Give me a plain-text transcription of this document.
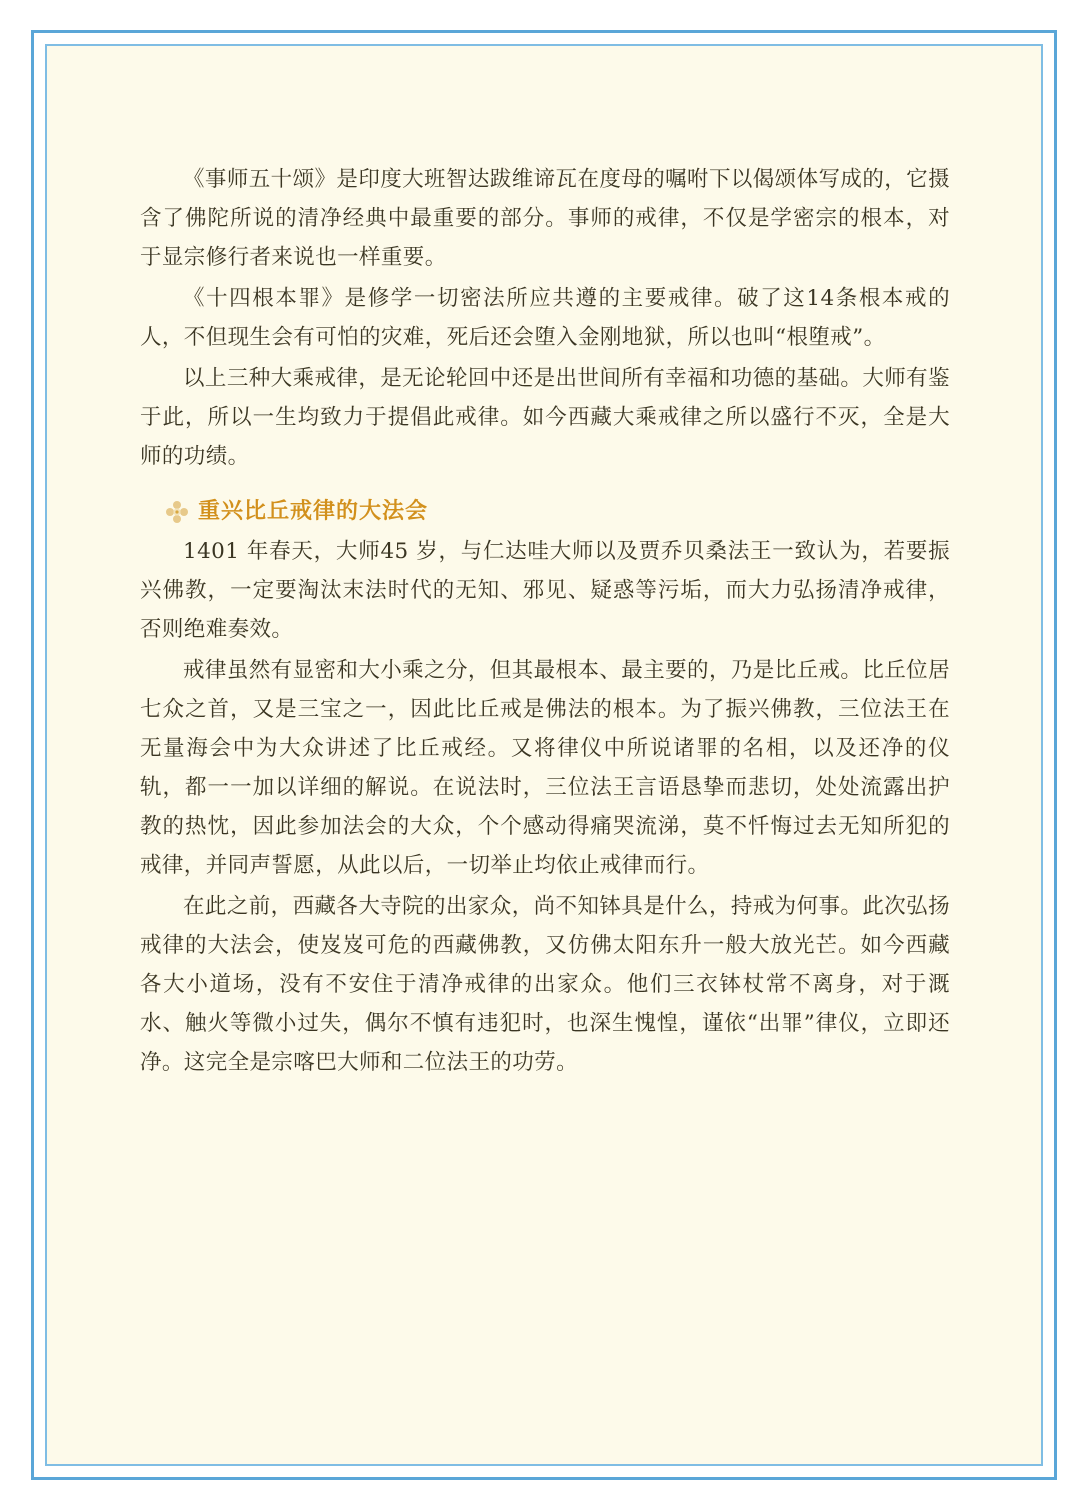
《事师五十颂》是印度大班智达跋维谛瓦在度母的嘱咐下以偈颂体写成的，它摄含了佛陀所说的清净经典中最重要的部分。事师的戒律，不仅是学密宗的根本，对于显宗修行者来说也一样重要。

《十四根本罪》是修学一切密法所应共遵的主要戒律。破了这14条根本戒的人，不但现生会有可怕的灾难，死后还会堕入金刚地狱，所以也叫“根堕戒”。

以上三种大乘戒律，是无论轮回中还是出世间所有幸福和功德的基础。大师有鉴于此，所以一生均致力于提倡此戒律。如今西藏大乘戒律之所以盛行不灭，全是大师的功绩。

重兴比丘戒律的大法会

1401 年春天，大师45 岁，与仁达哇大师以及贾乔贝桑法王一致认为，若要振兴佛教，一定要淘汰末法时代的无知、邪见、疑惑等污垢，而大力弘扬清净戒律，否则绝难奏效。

戒律虽然有显密和大小乘之分，但其最根本、最主要的，乃是比丘戒。比丘位居七众之首，又是三宝之一，因此比丘戒是佛法的根本。为了振兴佛教，三位法王在无量海会中为大众讲述了比丘戒经。又将律仪中所说诸罪的名相，以及还净的仪轨，都一一加以详细的解说。在说法时，三位法王言语恳挚而悲切，处处流露出护教的热忱，因此参加法会的大众，个个感动得痛哭流涕，莫不忏悔过去无知所犯的戒律，并同声誓愿，从此以后，一切举止均依止戒律而行。

在此之前，西藏各大寺院的出家众，尚不知钵具是什么，持戒为何事。此次弘扬戒律的大法会，使岌岌可危的西藏佛教，又仿佛太阳东升一般大放光芒。如今西藏各大小道场，没有不安住于清净戒律的出家众。他们三衣钵杖常不离身，对于溉水、触火等微小过失，偶尔不慎有违犯时，也深生愧惶，谨依“出罪”律仪，立即还净。这完全是宗喀巴大师和二位法王的功劳。
